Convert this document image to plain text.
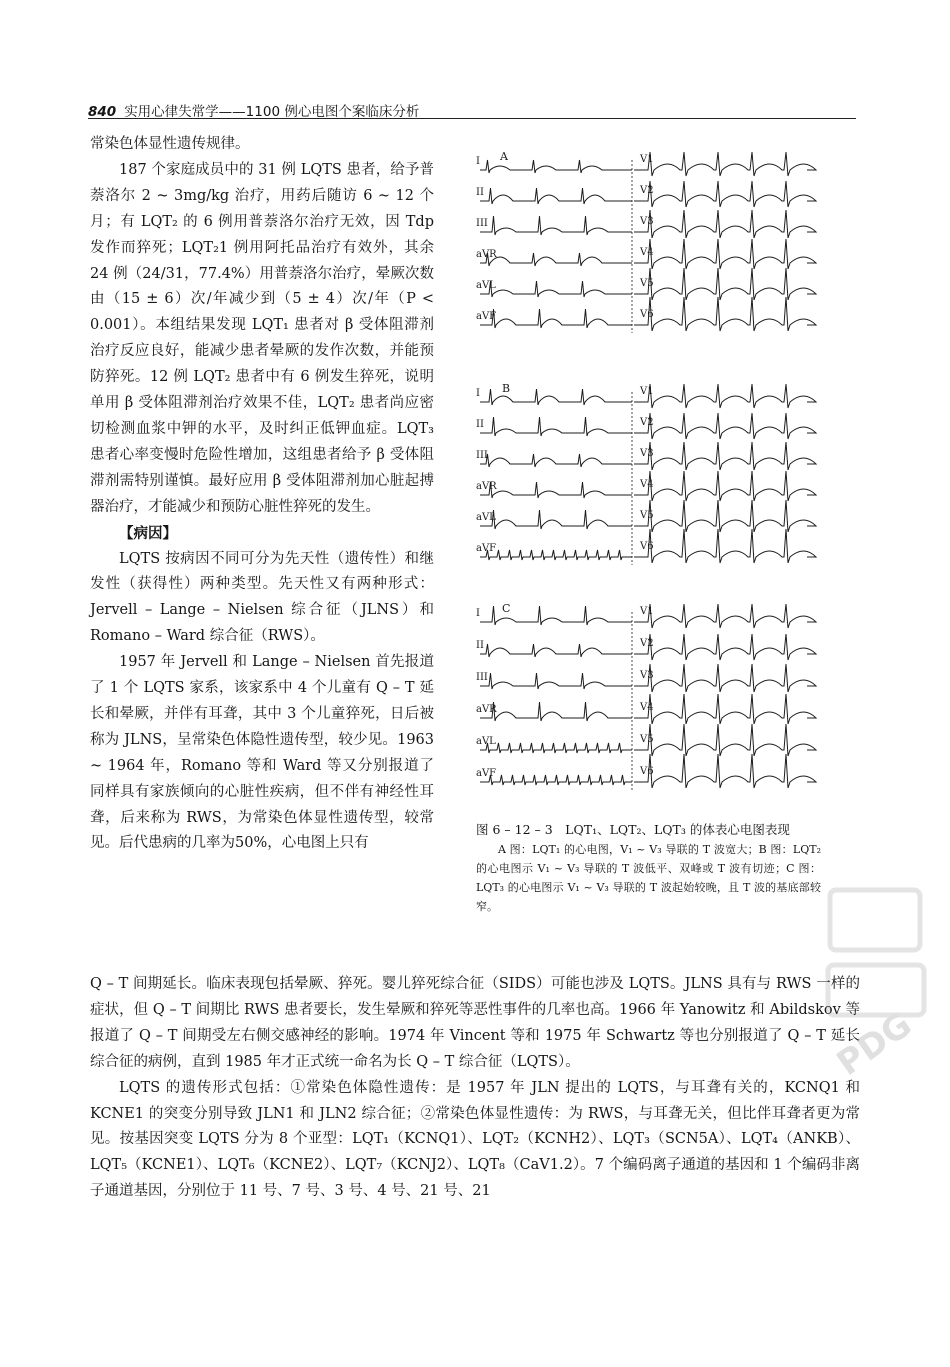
840 实用心律失常学——1100 例心电图个案临床分析

常染色体显性遗传规律。

187 个家庭成员中的 31 例 LQTS 患者，给予普萘洛尔 2 ~ 3mg/kg 治疗，用药后随访 6 ~ 12 个月；有 LQT₂ 的 6 例用普萘洛尔治疗无效，因 Tdp 发作而猝死；LQT₂1 例用阿托品治疗有效外，其余 24 例（24/31，77.4%）用普萘洛尔治疗，晕厥次数由（15 ± 6）次/年减少到（5 ± 4）次/年（P < 0.001）。本组结果发现 LQT₁ 患者对 β 受体阻滞剂治疗反应良好，能减少患者晕厥的发作次数，并能预防猝死。12 例 LQT₂ 患者中有 6 例发生猝死，说明单用 β 受体阻滞剂治疗效果不佳，LQT₂ 患者尚应密切检测血浆中钾的水平，及时纠正低钾血症。LQT₃ 患者心率变慢时危险性增加，这组患者给予 β 受体阻滞剂需特别谨慎。最好应用 β 受体阻滞剂加心脏起搏器治疗，才能减少和预防心脏性猝死的发生。

【病因】

LQTS 按病因不同可分为先天性（遗传性）和继发性（获得性）两种类型。先天性又有两种形式：Jervell – Lange – Nielsen 综合征（JLNS）和 Romano – Ward 综合征（RWS）。

1957 年 Jervell 和 Lange – Nielsen 首先报道了 1 个 LQTS 家系，该家系中 4 个儿童有 Q – T 延长和晕厥，并伴有耳聋，其中 3 个儿童猝死，日后被称为 JLNS，呈常染色体隐性遗传型，较少见。1963 ~ 1964 年，Romano 等和 Ward 等又分别报道了同样具有家族倾向的心脏性疾病，但不伴有神经性耳聋，后来称为 RWS，为常染色体显性遗传型，较常见。后代患病的几率为50%，心电图上只有

A
I	V1
II	V2
III	V3
aVR	V4
aVL	V5
aVF	V6
B
I	V1
II	V2
III	V3
aVR	V4
aVL	V5
aVF	V6
C
I	V1
II	V2
III	V3
aVR	V4
aVL	V5
aVF	V6
图 6 – 12 – 3　LQT₁、LQT₂、LQT₃ 的体表心电图表现
A 图：LQT₁ 的心电图，V₁ ~ V₃ 导联的 T 波宽大；B 图：LQT₂ 的心电图示 V₁ ~ V₃ 导联的 T 波低平、双峰或 T 波有切迹；C 图：LQT₃ 的心电图示 V₁ ~ V₃ 导联的 T 波起始较晚，且 T 波的基底部较窄。

Q – T 间期延长。临床表现包括晕厥、猝死。婴儿猝死综合征（SIDS）可能也涉及 LQTS。JLNS 具有与 RWS 一样的症状，但 Q – T 间期比 RWS 患者要长，发生晕厥和猝死等恶性事件的几率也高。1966 年 Yanowitz 和 Abildskov 等报道了 Q – T 间期受左右侧交感神经的影响。1974 年 Vincent 等和 1975 年 Schwartz 等也分别报道了 Q – T 延长综合征的病例，直到 1985 年才正式统一命名为长 Q – T 综合征（LQTS）。

LQTS 的遗传形式包括：①常染色体隐性遗传：是 1957 年 JLN 提出的 LQTS，与耳聋有关的，KCNQ1 和 KCNE1 的突变分别导致 JLN1 和 JLN2 综合征；②常染色体显性遗传：为 RWS，与耳聋无关，但比伴耳聋者更为常见。按基因突变 LQTS 分为 8 个亚型：LQT₁（KCNQ1）、LQT₂（KCNH2）、LQT₃（SCN5A）、LQT₄（ANKB）、LQT₅（KCNE1）、LQT₆（KCNE2）、LQT₇（KCNJ2）、LQT₈（CaV1.2）。7 个编码离子通道的基因和 1 个编码非离子通道基因，分别位于 11 号、7 号、3 号、4 号、21 号、21

PDG
